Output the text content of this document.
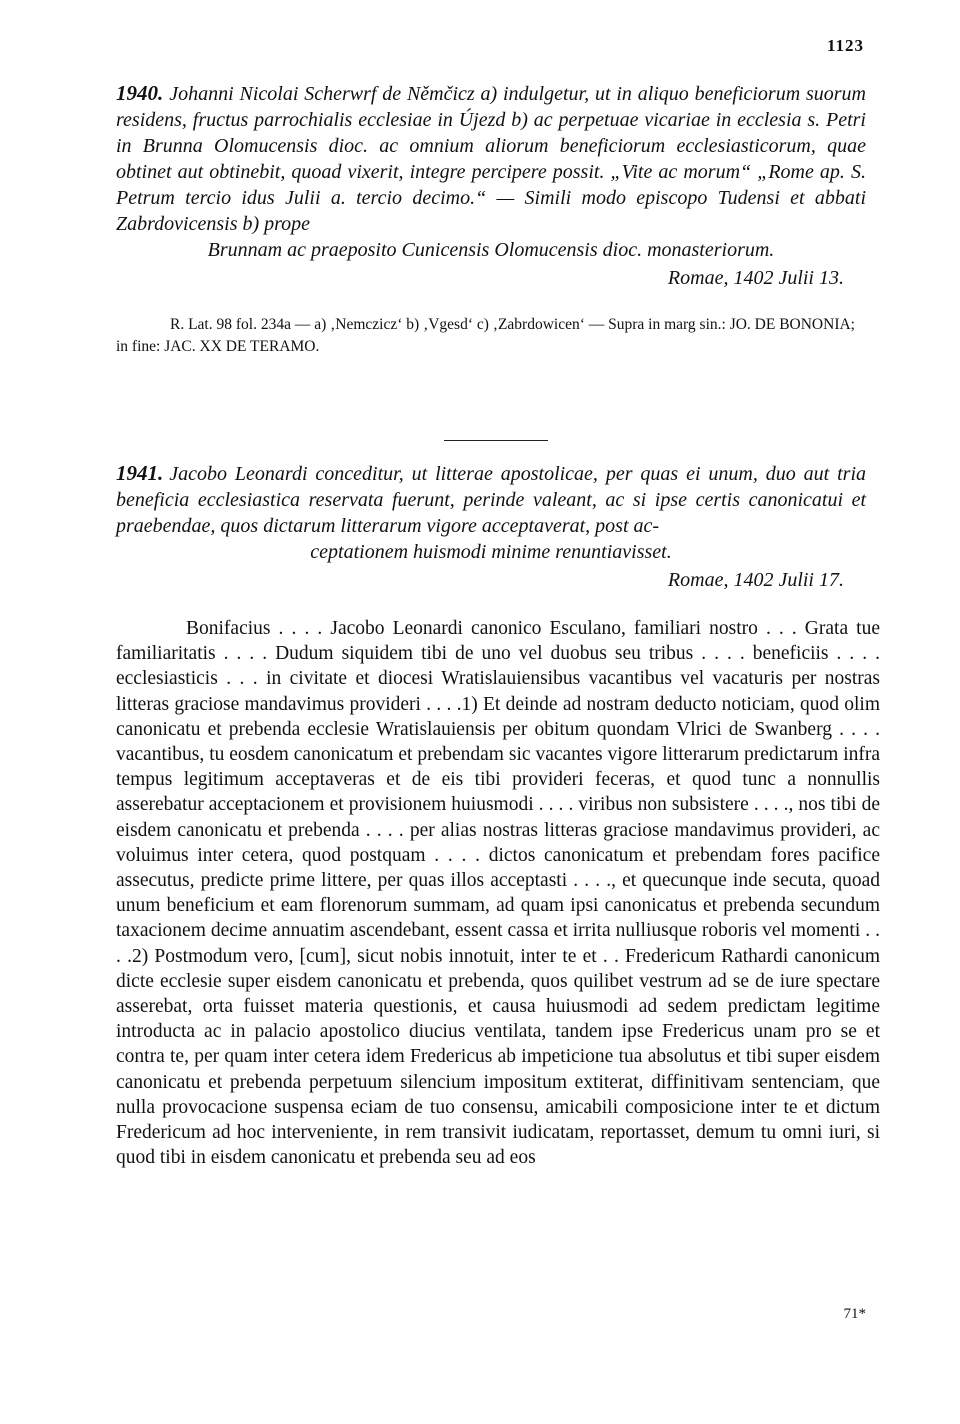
1123

1940. Johanni Nicolai Scherwrf de Němčicz a) indulgetur, ut in aliquo beneficiorum suorum residens, fructus parrochialis ecclesiae in Újezd b) ac perpetuae vicariae in ecclesia s. Petri in Brunna Olomucensis dioc. ac omnium aliorum beneficiorum ecclesiasticorum, quae obtinet aut obtinebit, quoad vixerit, integre percipere possit. „Vite ac morum“ „Rome ap. S. Petrum tercio idus Julii a. tercio decimo.“ — Simili modo episcopo Tudensi et abbati Zabrdovicensis b) prope

Brunnam ac praeposito Cunicensis Olomucensis dioc. monasteriorum.

Romae, 1402 Julii 13.

R. Lat. 98 fol. 234a — a) ‚Nemczicz‘ b) ‚Vgesd‘ c) ‚Zabrdowicen‘ — Supra in marg sin.: JO. DE BONONIA; in fine: JAC. XX DE TERAMO.

1941. Jacobo Leonardi conceditur, ut litterae apostolicae, per quas ei unum, duo aut tria beneficia ecclesiastica reservata fuerunt, perinde valeant, ac si ipse certis canonicatui et praebendae, quos dictarum litterarum vigore acceptaverat, post ac-

ceptationem huismodi minime renuntiavisset.

Romae, 1402 Julii 17.

Bonifacius . . . . Jacobo Leonardi canonico Esculano, familiari nostro . . . Grata tue familiaritatis . . . . Dudum siquidem tibi de uno vel duobus seu tribus . . . . beneficiis . . . . ecclesiasticis . . . in civitate et diocesi Wratislauiensibus vacantibus vel vacaturis per nostras litteras graciose mandavimus provideri . . . .1) Et deinde ad nostram deducto noticiam, quod olim canonicatu et prebenda ecclesie Wratislauiensis per obitum quondam Vlrici de Swanberg . . . . vacantibus, tu eosdem canonicatum et prebendam sic vacantes vigore litterarum predictarum infra tempus legitimum acceptaveras et de eis tibi provideri feceras, et quod tunc a nonnullis asserebatur acceptacionem et provisionem huiusmodi . . . . viribus non subsistere . . . ., nos tibi de eisdem canonicatu et prebenda . . . . per alias nostras litteras graciose mandavimus provideri, ac voluimus inter cetera, quod postquam . . . . dictos canonicatum et prebendam fores pacifice assecutus, predicte prime littere, per quas illos acceptasti . . . ., et quecunque inde secuta, quoad unum beneficium et eam florenorum summam, ad quam ipsi canonicatus et prebenda secundum taxacionem decime annuatim ascendebant, essent cassa et irrita nulliusque roboris vel momenti . . . .2) Postmodum vero, [cum], sicut nobis innotuit, inter te et . . Fredericum Rathardi canonicum dicte ecclesie super eisdem canonicatu et prebenda, quos quilibet vestrum ad se de iure spectare asserebat, orta fuisset materia questionis, et causa huiusmodi ad sedem predictam legitime introducta ac in palacio apostolico diucius ventilata, tandem ipse Fredericus unam pro se et contra te, per quam inter cetera idem Fredericus ab impeticione tua absolutus et tibi super eisdem canonicatu et prebenda perpetuum silencium impositum extiterat, diffinitivam sentenciam, que nulla provocacione suspensa eciam de tuo consensu, amicabili composicione inter te et dictum Fredericum ad hoc interveniente, in rem transivit iudicatam, reportasset, demum tu omni iuri, si quod tibi in eisdem canonicatu et prebenda seu ad eos

71*
